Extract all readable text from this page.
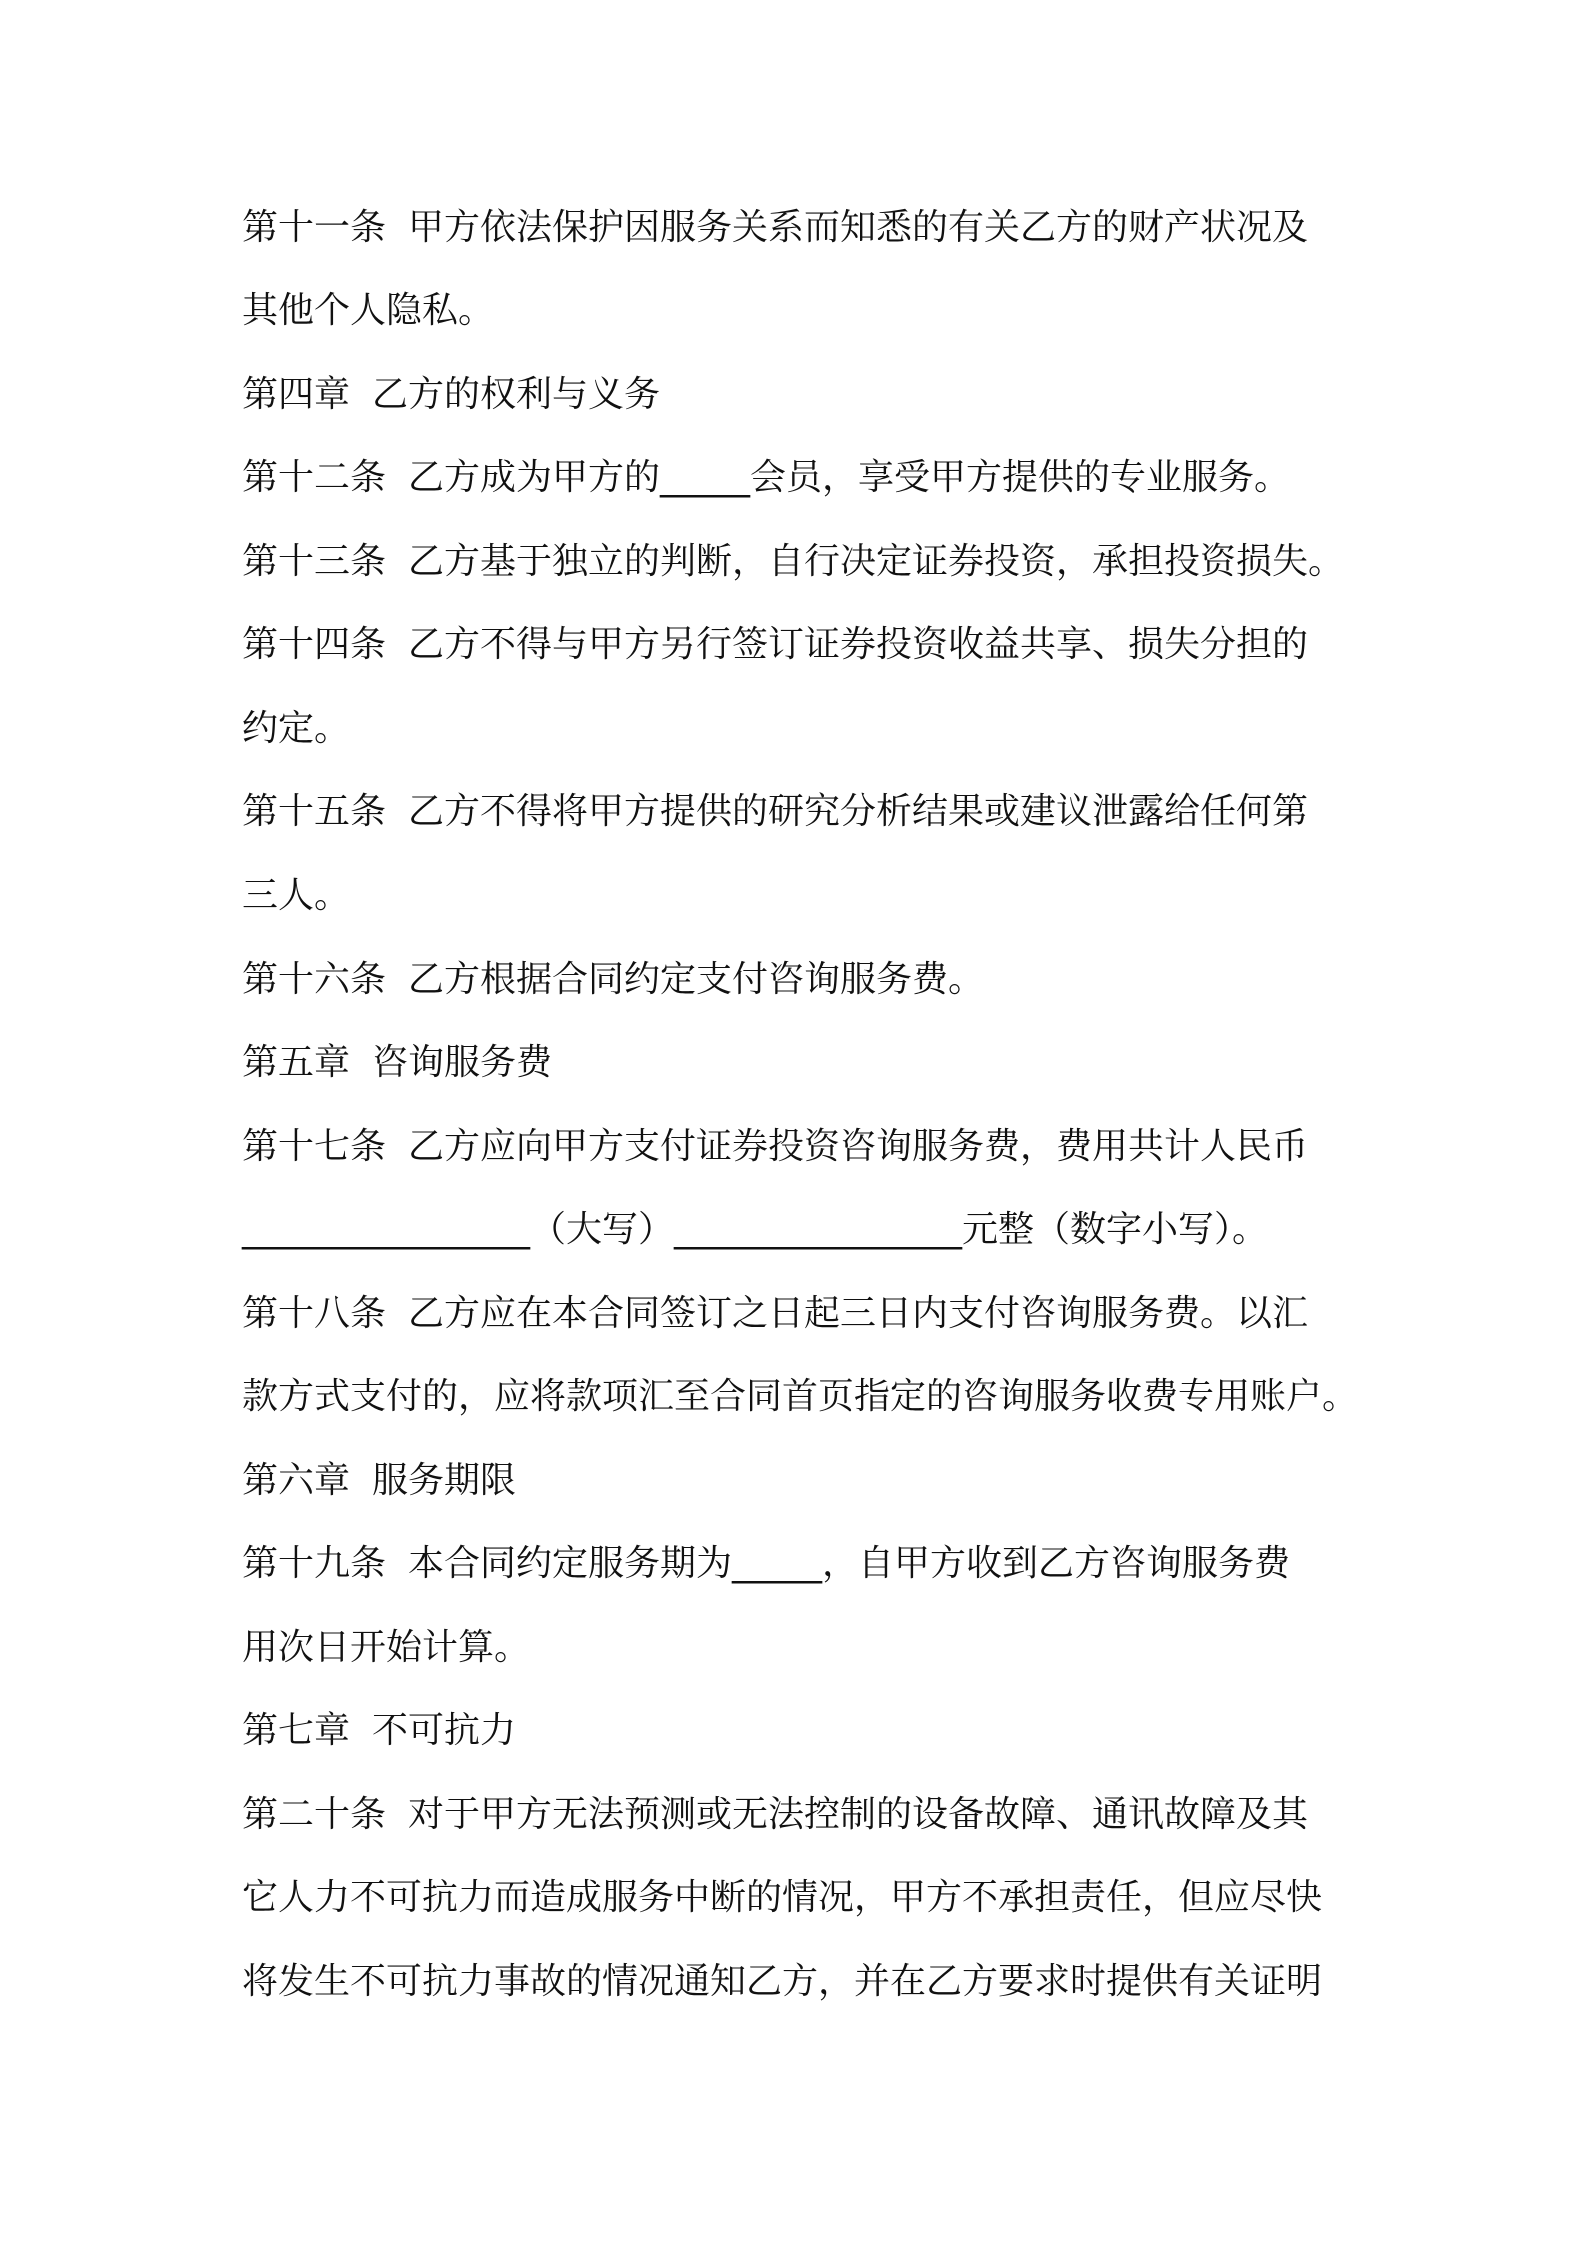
第十一条 甲方依法保护因服务关系而知悉的有关乙方的财产状况及
其他个人隐私。
第四章 乙方的权利与义务
第十二条 乙方成为甲方的_____会员，享受甲方提供的专业服务。
第十三条 乙方基于独立的判断，自行决定证券投资，承担投资损失。
第十四条 乙方不得与甲方另行签订证券投资收益共享、损失分担的
约定。
第十五条 乙方不得将甲方提供的研究分析结果或建议泄露给任何第
三人。
第十六条 乙方根据合同约定支付咨询服务费。
第五章 咨询服务费
第十七条 乙方应向甲方支付证券投资咨询服务费，费用共计人民币
________________（大写）________________元整（数字小写）。
第十八条 乙方应在本合同签订之日起三日内支付咨询服务费。以汇
款方式支付的，应将款项汇至合同首页指定的咨询服务收费专用账户。
第六章 服务期限
第十九条 本合同约定服务期为_____，自甲方收到乙方咨询服务费
用次日开始计算。
第七章 不可抗力
第二十条 对于甲方无法预测或无法控制的设备故障、通讯故障及其
它人力不可抗力而造成服务中断的情况，甲方不承担责任，但应尽快
将发生不可抗力事故的情况通知乙方，并在乙方要求时提供有关证明
